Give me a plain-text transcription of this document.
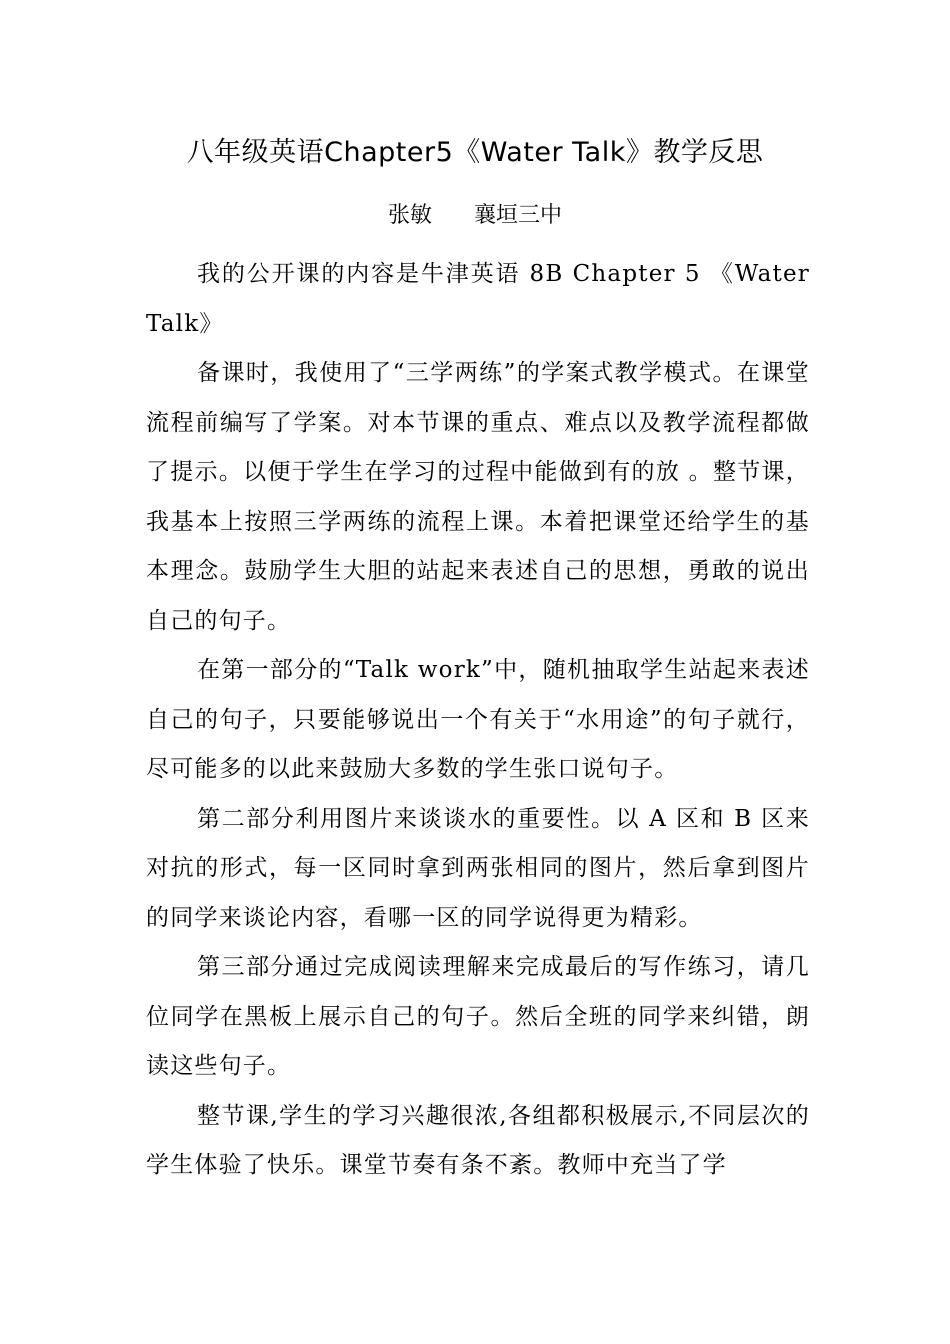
八年级英语Chapter5《Water Talk》教学反思
张敏      襄垣三中

我的公开课的内容是牛津英语 8B Chapter 5 《Water Talk》

备课时，我使用了“三学两练”的学案式教学模式。在课堂流程前编写了学案。对本节课的重点、难点以及教学流程都做了提示。以便于学生在学习的过程中能做到有的放 。整节课，我基本上按照三学两练的流程上课。本着把课堂还给学生的基本理念。鼓励学生大胆的站起来表述自己的思想，勇敢的说出自己的句子。

在第一部分的“Talk work”中，随机抽取学生站起来表述自己的句子，只要能够说出一个有关于“水用途”的句子就行，尽可能多的以此来鼓励大多数的学生张口说句子。

第二部分利用图片来谈谈水的重要性。以 A 区和 B 区来对抗的形式，每一区同时拿到两张相同的图片，然后拿到图片的同学来谈论内容，看哪一区的同学说得更为精彩。

第三部分通过完成阅读理解来完成最后的写作练习，请几位同学在黑板上展示自己的句子。然后全班的同学来纠错，朗读这些句子。

整节课,学生的学习兴趣很浓,各组都积极展示,不同层次的学生体验了快乐。课堂节奏有条不紊。教师中充当了学
